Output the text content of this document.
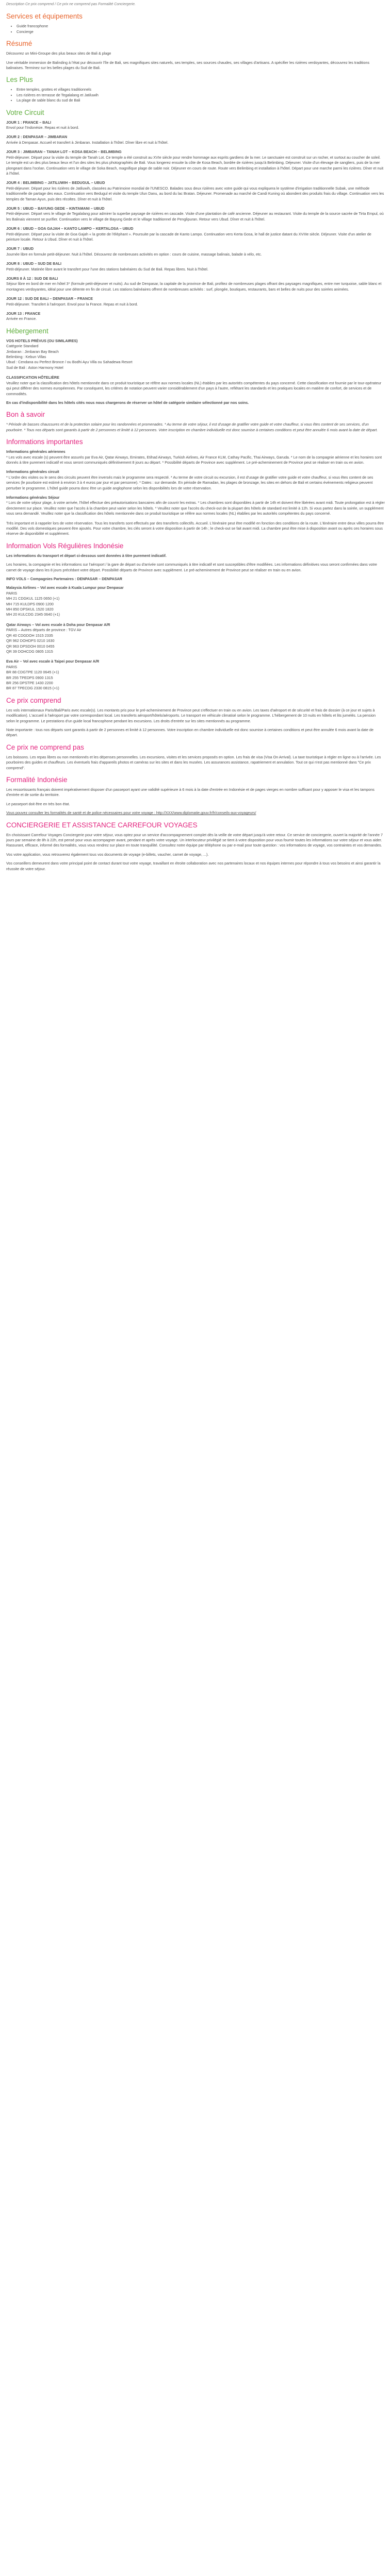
Description Ce prix comprend / Ce prix ne comprend pas Formalité Conciergerie.

Services et équipements
• Guide francophone
• Concierge
Résumé

Découvrez un Mini-Groupe des plus beaux sites de Bali & plage

Une véritable immersion de Balinding à l'état pur découvrir l'île de Bali, ses magnifiques sites naturels, ses temples, ses sources chaudes, ses villages d'artisans. A spécifier les rizières verdoyantes, découvrez les traditions balinaises. Terminez sur les belles plages du Sud de Bali.

Les Plus
• Entre temples, grottes et villages traditionnels
• Les rizières en terrasse de Tegalalang et Jatiluwih
• La plage de sable blanc du sud de Bali
Votre Circuit
JOUR 1 : FRANCE – BALI

Envol pour l'Indonésie. Repas et nuit à bord.

JOUR 2 : DENPASAR – JIMBARAN

Arrivée à Denpasar. Accueil et transfert à Jimbaran. Installation à l'hôtel. Dîner libre et nuit à l'hôtel.

JOUR 3 : JIMBARAN – TANAH LOT – KOSA BEACH – BELIMBING

Petit-déjeuner. Départ pour la visite du temple de Tanah Lot. Ce temple a été construit au XVIe siècle pour rendre hommage aux esprits gardiens de la mer. Le sanctuaire est construit sur un rocher, et surtout au coucher de soleil. Le temple est un des plus beaux lieux et l'un des sites les plus photographiés de Bali. Vous longerez ensuite la côte de Kosa Beach, bordée de rizières jusqu'à Belimbing. Déjeuner. Visite d'un élevage de sangliers, puis de la mer plongeant dans l'océan. Continuation vers le village de Soka Beach, magnifique plage de sable noir. Déjeuner en cours de route. Route vers Belimbing et installation à l'hôtel. Départ pour une marche parmi les rizières. Dîner et nuit à l'hôtel.

JOUR 4 : BELIMBING – JATILUWIH – BEDUGUL – UBUD

Petit-déjeuner. Départ pour les rizières de Jatiluwih, classées au Patrimoine mondial de l'UNESCO. Balades sous deux rizières avec votre guide qui vous expliquera le système d'irrigation traditionnelle Subak, une méthode traditionnelle de partage des eaux. Continuation vers Bedugul et visite du temple Ulun Danu, au bord du lac Bratan. Déjeuner. Promenade au marché de Candi Kuning où abondent des produits frais du village. Continuation vers les temples de Taman Ayun, puis des récoltes. Dîner et nuit à l'hôtel.

JOUR 5 : UBUD – BAYUNG GEDE – KINTAMANI – UBUD

Petit-déjeuner. Départ vers le village de Tegalalang pour admirer la superbe paysage de rizières en cascade. Visite d'une plantation de café ancienne. Déjeuner au restaurant. Visite du temple de la source sacrée de Tirta Empul, où les Balinais viennent se purifier. Continuation vers le village de Bayung Gede et le village traditionnel de Penglipuran. Retour vers Ubud. Dîner et nuit à l'hôtel.

JOUR 6 : UBUD – GOA GAJAH – KANTO LAMPO – KERTALOSA – UBUD

Petit-déjeuner. Départ pour la visite de Goa Gajah « la grotte de l'éléphant ». Poursuite par la cascade de Kanto Lampo. Continuation vers Kerta Gosa, le hall de justice datant du XVIIIe siècle. Déjeuner. Visite d'un atelier de peinture locale. Retour à Ubud. Dîner et nuit à l'hôtel.

JOUR 7 : UBUD

Journée libre en formule petit-déjeuner. Nuit à l'hôtel. Découvrez de nombreuses activités en option : cours de cuisine, massage balinais, balade à vélo, etc.

JOUR 8 : UBUD – SUD DE BALI

Petit-déjeuner. Matinée libre avant le transfert pour l'une des stations balnéaires du Sud de Bali. Repas libres. Nuit à l'hôtel.

JOURS 8 À 12 : SUD DE BALI

Séjour libre en bord de mer en hôtel 3* (formule petit-déjeuner et nuits). Au sud de Denpasar, la capitale de la province de Bali, profitez de nombreuses plages offrant des paysages magnifiques, entre mer turquoise, sable blanc et montagnes verdoyantes, idéal pour une détente en fin de circuit. Les stations balnéaires offrent de nombreuses activités : surf, plongée, boutiques, restaurants, bars et belles de nuits pour des soirées animées.

JOUR 12 : SUD DE BALI – DENPASAR – FRANCE

Petit-déjeuner. Transfert à l'aéroport. Envol pour la France. Repas et nuit à bord.

JOUR 13 : FRANCE

Arrivée en France.

Hébergement

VOS HOTELS PRÉVUS (OU SIMILAIRES)

Catégorie Standard

Jimbaran : Jimbaran Bay Beach

Belimbing : Kebun Villas

Ubud : Cendana ou Perfect Bronce / ou Bodhi Ayu Villa ou Sahadewa Resort

Sud de Bali : Aston Harmony Hotel

CLASSIFICATION HÔTELIÈRE

Veuillez noter que la classification des hôtels mentionnée dans ce produit touristique se réfère aux normes locales (NL) établies par les autorités compétentes du pays concerné. Cette classification est fournie par le tour-opérateur qui peut différer des normes européennes. Par conséquent, les critères de notation peuvent varier considérablement d'un pays à l'autre, reflétant les standards et les pratiques locales en matière de confort, de services et de commodités.

En cas d'indisponibilité dans les hôtels cités nous nous chargerons de réserver un hôtel de catégorie similaire sélectionné par nos soins.

Bon à savoir

* Période de basses chaussures et de la protection solaire pour les randonnées et promenades. * Au terme de votre séjour, il est d'usage de gratifier votre guide et votre chauffeur, si vous êtes content de ses services, d'un pourboire. * Tous nos départs sont garantis à partir de 2 personnes et limité à 12 personnes. Votre inscription en chambre individuelle est donc soumise à certaines conditions et peut être annulée 6 mois avant la date de départ.

Informations importantes

Informations générales aériennes

* Les vols avec escale (s) peuvent être assurés par Eva Air, Qatar Airways, Emirates, Etihad Airways, Turkish Airlines, Air France KLM, Cathay Pacific, Thai Airways, Garuda. * Le nom de la compagnie aérienne et les horaires sont donnés à titre purement indicatif et vous seront communiqués définitivement 8 jours au départ. * Possibilité départs de Province avec supplément. Le pré-acheminement de Province peut se réaliser en train ou en avion.

Informations générales circuit

* L'ordre des visites ou le sens des circuits peuvent être inversés mais le programme sera respecté. * Au terme de votre circuit ou excursion, il est d'usage de gratifier votre guide et votre chauffeur, si vous êtes content de ses services (le pourboire est estimé à environ 3 à 4 euros par jour et par personne). * Dates : sur demande. En période de Ramadan, les plages de bronzage, les sites en dehors de Bali et certains événements religieux peuvent perturber le programme. L'hôtel guide pourra donc être un guide anglophone selon les disponibilités lors de votre réservation.

Informations générales Séjour

* Lors de votre séjour plage, à votre arrivée, l'hôtel effectue des préautorisations bancaires afin de couvrir les extras. * Les chambres sont disponibles à partir de 14h et doivent être libérées avant midi. Toute prolongation est à régler directement sur place. Veuillez noter que l'accès à la chambre peut varier selon les hôtels. * Veuillez noter que l'accès du check-out de la plupart des hôtels de standard est limité à 12h. Si vous partez dans la soirée, un supplément vous sera demandé. Veuillez noter que la classification des hôtels mentionnée dans ce produit touristique se réfère aux normes locales (NL) établies par les autorités compétentes du pays concerné.

Très important et à rappeler lors de votre réservation. Tous les transferts sont effectués par des transferts collectifs. Accueil. L'itinéraire peut être modifié en fonction des conditions de la route. L'itinéraire entre deux villes pourra être modifié. Des vols domestiques peuvent être ajoutés. Pour votre chambre, les clés seront à votre disposition à partir de 14h ; le check-out se fait avant midi. La chambre peut être mise à disposition avant ou après ces horaires sous réserve de disponibilité et supplément.

Information Vols Régulières Indonésie

Les informations du transport et départ ci-dessous sont données à titre purement indicatif.

Les horaires, la compagnie et les informations sur l'aéroport / la gare de départ ou d'arrivée sont communiqués à titre indicatif et sont susceptibles d'être modifiées. Les informations définitives vous seront confirmées dans votre carnet de voyage dans les 8 jours précédant votre départ. Possibilité départs de Province avec supplément. Le pré-acheminement de Province peut se réaliser en train ou en avion.

INFO VOLS – Compagnies Partenaires : DENPASAR – DENPASAR

Malaysia Airlines – Vol avec escale à Kuala Lumpur pour Denpasar

PARIS

MH 21 CDGKUL 1125 0650 (+1)

MH 715 KULDPS 0900 1200

MH 850 DPSKUL 1520 1820

MH 20 KULCDG 2345 0640 (+1)

Qatar Airways – Vol avec escale à Doha pour Denpasar A/R

PARIS – Autres départs de province : TGV Air

QR 40 CDGDOH 1515 2335

QR 962 DOHDPS 0210 1630

QR 963 DPSDOH 0010 0455

QR 39 DOHCDG 0805 1315

Eva Air – Vol avec escale à Taipei pour Denpasar A/R

PARIS

BR 88 CDGTPE 1120 0645 (+1)

BR 255 TPEDPS 0900 1315

BR 256 DPSTPE 1430 2200

BR 87 TPECDG 2330 0815 (+1)

Ce prix comprend

Les vols internationaux Paris/Bali/Paris avec escale(s). Les montants pris pour le pré-acheminement de Province peut s'effectuer en train ou en avion. Les taxes d'aéroport et de sécurité et frais de dossier (à ce jour et sujets à modification). L'accueil à l'aéroport par votre correspondant local. Les transferts aéroport/hôtels/aéroports. Le transport en véhicule climatisé selon le programme. L'hébergement de 10 nuits en hôtels et lits jumelés. La pension selon le programme. Le prestations d'un guide local francophone pendant les excursions. Les droits d'entrée sur les sites mentionnés au programme.

Note importante : tous nos départs sont garantis à partir de 2 personnes et limité à 12 personnes. Votre inscription en chambre individuelle est donc soumise à certaines conditions et peut être annulée 6 mois avant la date de départ.

Ce prix ne comprend pas

Les boissons. Les repas libres ou non mentionnés et les dépenses personnelles. Les excursions, visites et les services proposés en option. Les frais de visa (Visa On Arrival). La taxe touristique à régler en ligne ou à l'arrivée. Les pourboires des guides et chauffeurs. Les éventuels frais d'appareils photos et caméras sur les sites et dans les musées. Les assurances assistance, rapatriement et annulation. Tout ce qui n'est pas mentionné dans "Ce prix comprend".

Formalité Indonésie

Les ressortissants français doivent impérativement disposer d'un passeport ayant une validité supérieure à 6 mois à la date d'entrée en Indonésie et de pages vierges en nombre suffisant pour y apposer le visa et les tampons d'entrée et de sortie du territoire.

Le passeport doit être en très bon état.

Vous pouvez consulter les formalités de santé et de police nécessaires pour votre voyage : http://XXX/www.diplomatie.gouv.fr/fr/conseils-aux-voyageurs/

CONCIERGERIE ET ASSISTANCE CARREFOUR VOYAGES

En choisissant Carrefour Voyages Conciergerie pour votre séjour, vous optez pour un service d'accompagnement complet dès la veille de votre départ jusqu'à votre retour. Ce service de conciergerie, ouvert la majorité de l'année 7 jours par semaine de 8h à 22h, est pensé pour vous accompagner avant, pendant et après votre voyage. Un interlocuteur privilégié se tient à votre disposition pour vous fournir toutes les informations sur votre séjour et vous aider. Rassurant, efficace, informé des formalités, vous vous rendrez sur place en toute tranquillité. Consultez notre équipe par téléphone ou par e-mail pour toute question : vos informations de voyage, vos contraintes et vos demandes.

Vos votre application, vous retrouverez également tous vos documents de voyage (e-billets, vaucher, carnet de voyage, ...).

Vos conseillers demeurent dans votre principal point de contact durant tout votre voyage, travaillant en étroite collaboration avec nos partenaires locaux et nos équipes internes pour répondre à tous vos besoins et ainsi garantir la réussite de votre séjour.
